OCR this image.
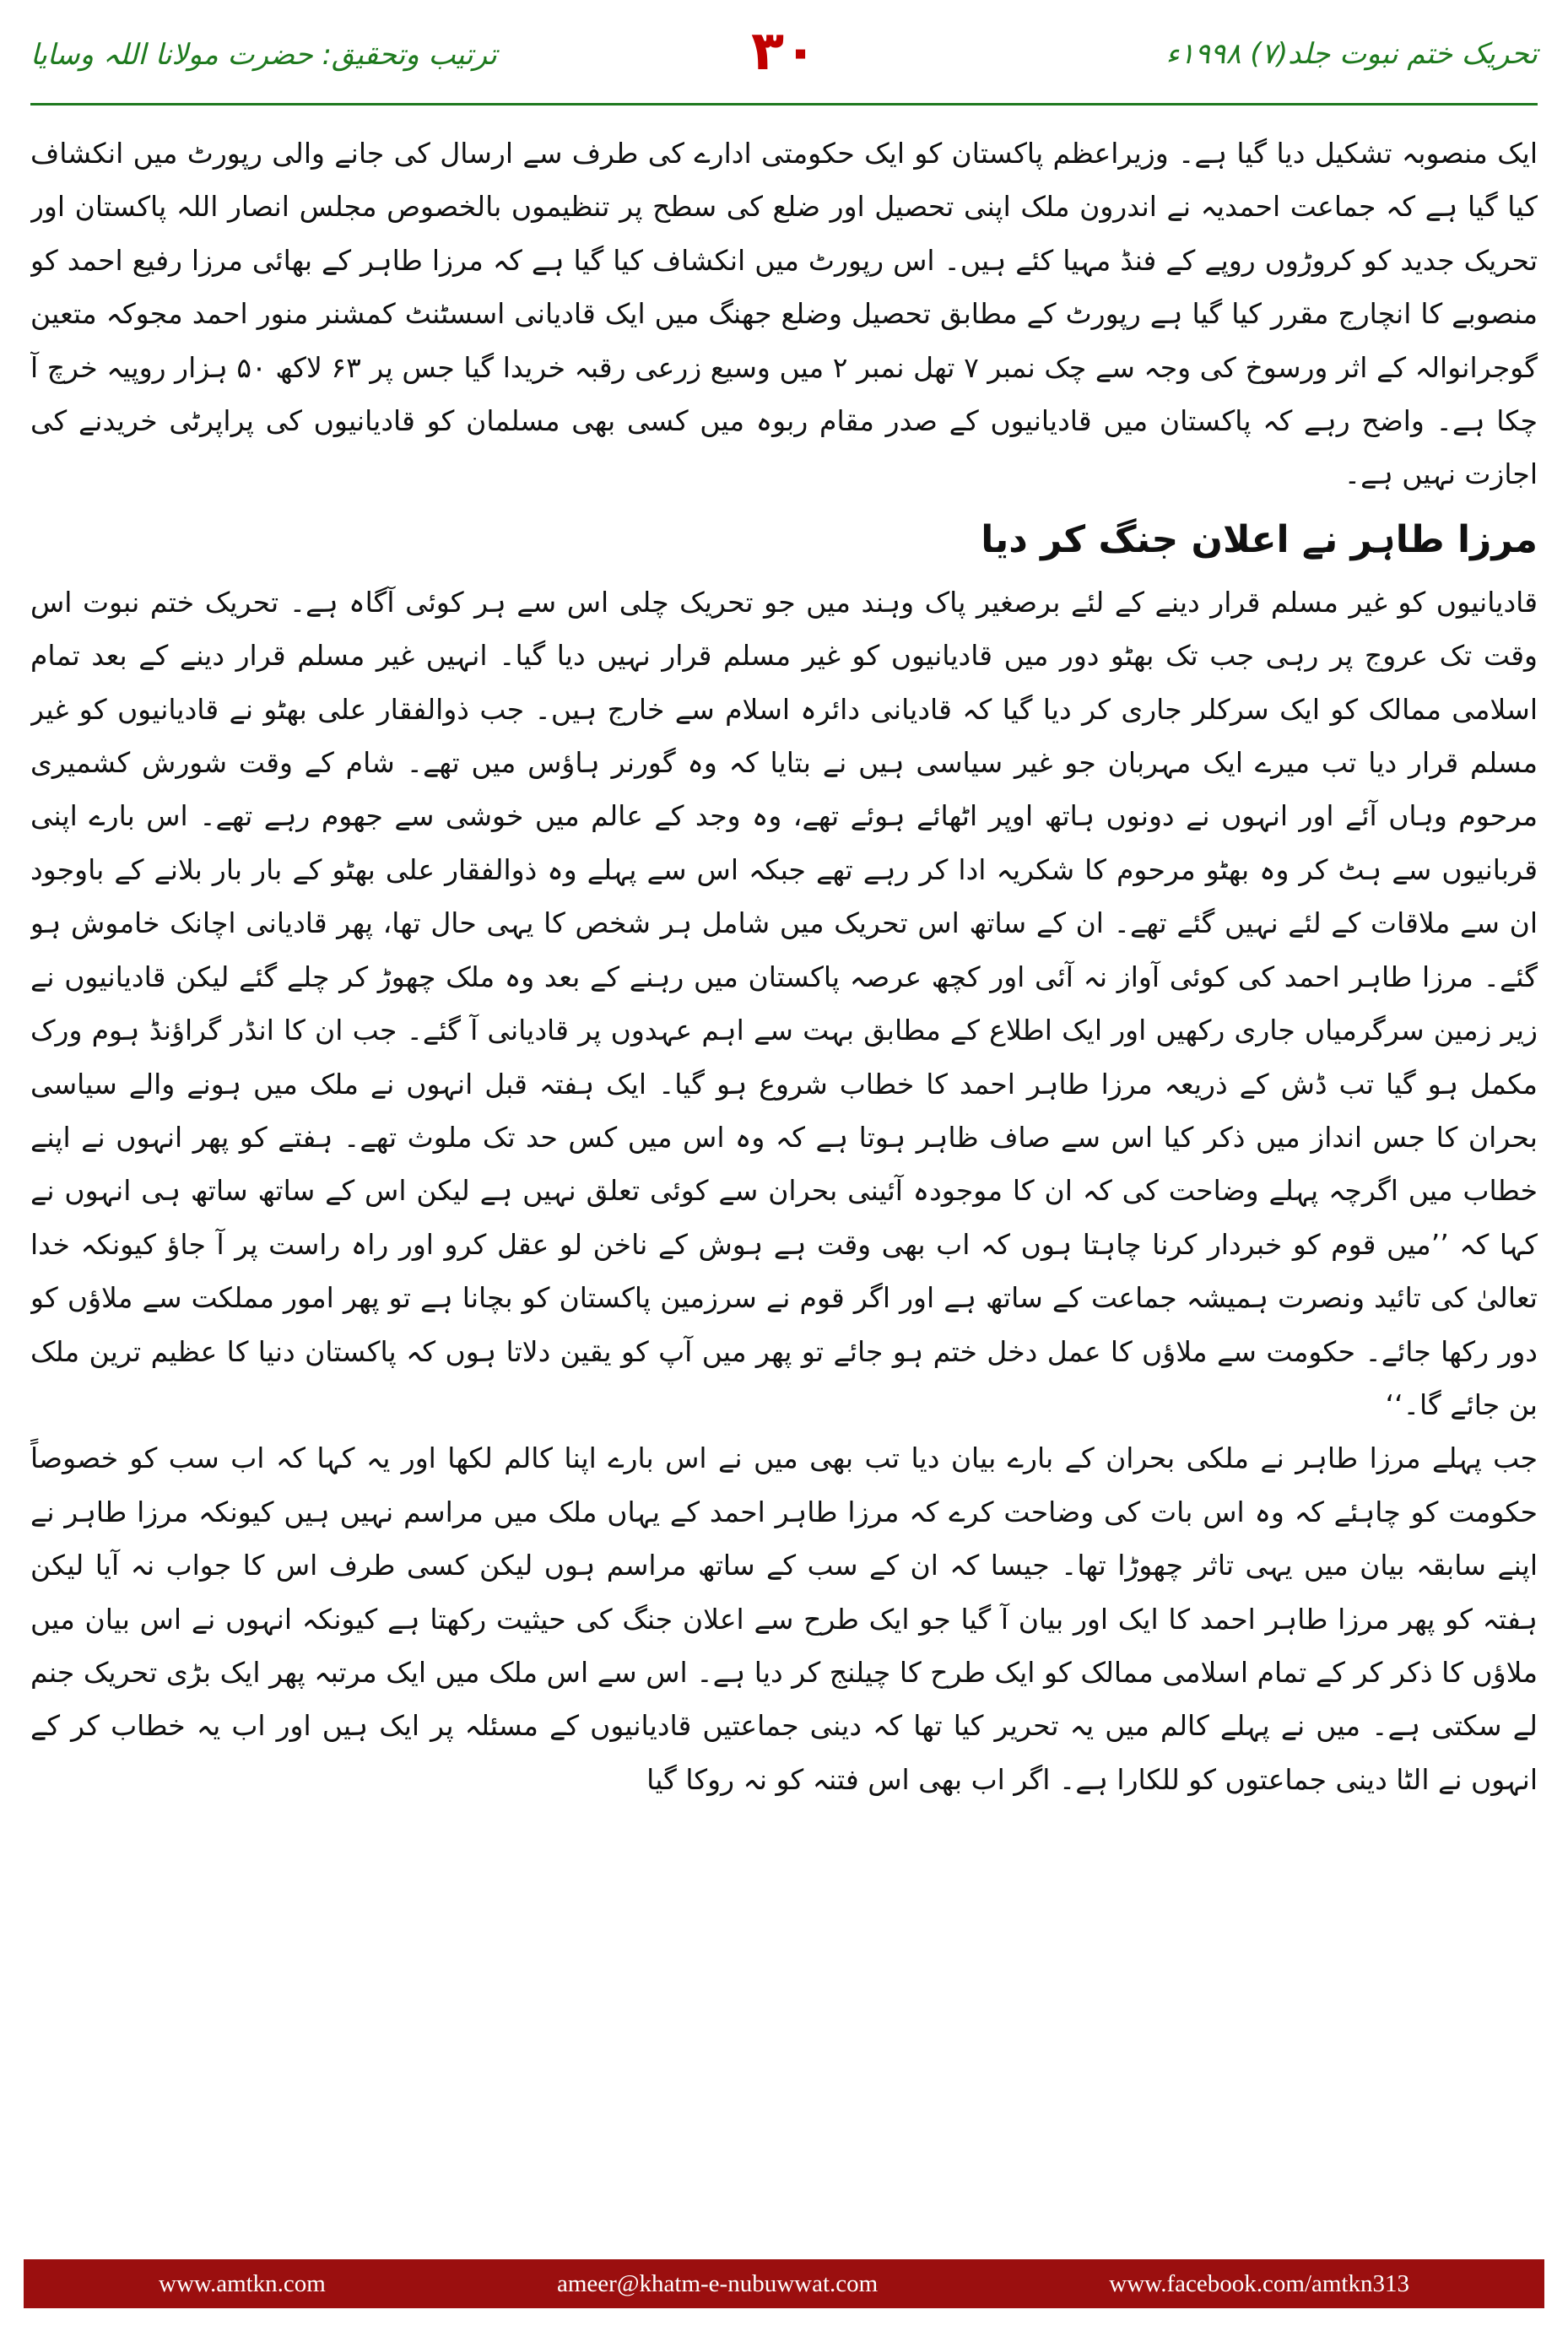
تحریک ختم نبوت جلد(۷) ۱۹۹۸ء
۳۰
ترتیب وتحقیق: حضرت مولانا اللہ وسایا

ایک منصوبہ تشکیل دیا گیا ہے۔ وزیراعظم پاکستان کو ایک حکومتی ادارے کی طرف سے ارسال کی جانے والی رپورٹ میں انکشاف کیا گیا ہے کہ جماعت احمدیہ نے اندرون ملک اپنی تحصیل اور ضلع کی سطح پر تنظیموں بالخصوص مجلس انصار اللہ پاکستان اور تحریک جدید کو کروڑوں روپے کے فنڈ مہیا کئے ہیں۔ اس رپورٹ میں انکشاف کیا گیا ہے کہ مرزا طاہر کے بھائی مرزا رفیع احمد کو منصوبے کا انچارج مقرر کیا گیا ہے رپورٹ کے مطابق تحصیل وضلع جھنگ میں ایک قادیانی اسسٹنٹ کمشنر منور احمد مجوکہ متعین گوجرانوالہ کے اثر ورسوخ کی وجہ سے چک نمبر ۷ تھل نمبر ۲ میں وسیع زرعی رقبہ خریدا گیا جس پر ۶۳ لاکھ ۵۰ ہزار روپیہ خرچ آ چکا ہے۔ واضح رہے کہ پاکستان میں قادیانیوں کے صدر مقام ربوہ میں کسی بھی مسلمان کو قادیانیوں کی پراپرٹی خریدنے کی اجازت نہیں ہے۔

مرزا طاہر نے اعلان جنگ کر دیا

قادیانیوں کو غیر مسلم قرار دینے کے لئے برصغیر پاک وہند میں جو تحریک چلی اس سے ہر کوئی آگاہ ہے۔ تحریک ختم نبوت اس وقت تک عروج پر رہی جب تک بھٹو دور میں قادیانیوں کو غیر مسلم قرار نہیں دیا گیا۔ انہیں غیر مسلم قرار دینے کے بعد تمام اسلامی ممالک کو ایک سرکلر جاری کر دیا گیا کہ قادیانی دائرہ اسلام سے خارج ہیں۔ جب ذوالفقار علی بھٹو نے قادیانیوں کو غیر مسلم قرار دیا تب میرے ایک مہربان جو غیر سیاسی ہیں نے بتایا کہ وہ گورنر ہاؤس میں تھے۔ شام کے وقت شورش کشمیری مرحوم وہاں آئے اور انہوں نے دونوں ہاتھ اوپر اٹھائے ہوئے تھے، وہ وجد کے عالم میں خوشی سے جھوم رہے تھے۔ اس بارے اپنی قربانیوں سے ہٹ کر وہ بھٹو مرحوم کا شکریہ ادا کر رہے تھے جبکہ اس سے پہلے وہ ذوالفقار علی بھٹو کے بار بار بلانے کے باوجود ان سے ملاقات کے لئے نہیں گئے تھے۔ ان کے ساتھ اس تحریک میں شامل ہر شخص کا یہی حال تھا، پھر قادیانی اچانک خاموش ہو گئے۔ مرزا طاہر احمد کی کوئی آواز نہ آئی اور کچھ عرصہ پاکستان میں رہنے کے بعد وہ ملک چھوڑ کر چلے گئے لیکن قادیانیوں نے زیر زمین سرگرمیاں جاری رکھیں اور ایک اطلاع کے مطابق بہت سے اہم عہدوں پر قادیانی آ گئے۔ جب ان کا انڈر گراؤنڈ ہوم ورک مکمل ہو گیا تب ڈش کے ذریعہ مرزا طاہر احمد کا خطاب شروع ہو گیا۔ ایک ہفتہ قبل انہوں نے ملک میں ہونے والے سیاسی بحران کا جس انداز میں ذکر کیا اس سے صاف ظاہر ہوتا ہے کہ وہ اس میں کس حد تک ملوث تھے۔ ہفتے کو پھر انہوں نے اپنے خطاب میں اگرچہ پہلے وضاحت کی کہ ان کا موجودہ آئینی بحران سے کوئی تعلق نہیں ہے لیکن اس کے ساتھ ساتھ ہی انہوں نے کہا کہ ’’میں قوم کو خبردار کرنا چاہتا ہوں کہ اب بھی وقت ہے ہوش کے ناخن لو عقل کرو اور راہ راست پر آ جاؤ کیونکہ خدا تعالیٰ کی تائید ونصرت ہمیشہ جماعت کے ساتھ ہے اور اگر قوم نے سرزمین پاکستان کو بچانا ہے تو پھر امور مملکت سے ملاؤں کو دور رکھا جائے۔ حکومت سے ملاؤں کا عمل دخل ختم ہو جائے تو پھر میں آپ کو یقین دلاتا ہوں کہ پاکستان دنیا کا عظیم ترین ملک بن جائے گا۔‘‘

جب پہلے مرزا طاہر نے ملکی بحران کے بارے بیان دیا تب بھی میں نے اس بارے اپنا کالم لکھا اور یہ کہا کہ اب سب کو خصوصاً حکومت کو چاہئے کہ وہ اس بات کی وضاحت کرے کہ مرزا طاہر احمد کے یہاں ملک میں مراسم نہیں ہیں کیونکہ مرزا طاہر نے اپنے سابقہ بیان میں یہی تاثر چھوڑا تھا۔ جیسا کہ ان کے سب کے ساتھ مراسم ہوں لیکن کسی طرف اس کا جواب نہ آیا لیکن ہفتہ کو پھر مرزا طاہر احمد کا ایک اور بیان آ گیا جو ایک طرح سے اعلان جنگ کی حیثیت رکھتا ہے کیونکہ انہوں نے اس بیان میں ملاؤں کا ذکر کر کے تمام اسلامی ممالک کو ایک طرح کا چیلنج کر دیا ہے۔ اس سے اس ملک میں ایک مرتبہ پھر ایک بڑی تحریک جنم لے سکتی ہے۔ میں نے پہلے کالم میں یہ تحریر کیا تھا کہ دینی جماعتیں قادیانیوں کے مسئلہ پر ایک ہیں اور اب یہ خطاب کر کے انہوں نے الٹا دینی جماعتوں کو للکارا ہے۔ اگر اب بھی اس فتنہ کو نہ روکا گیا

www.amtkn.com	ameer@khatm-e-nubuwwat.com	www.facebook.com/amtkn313
